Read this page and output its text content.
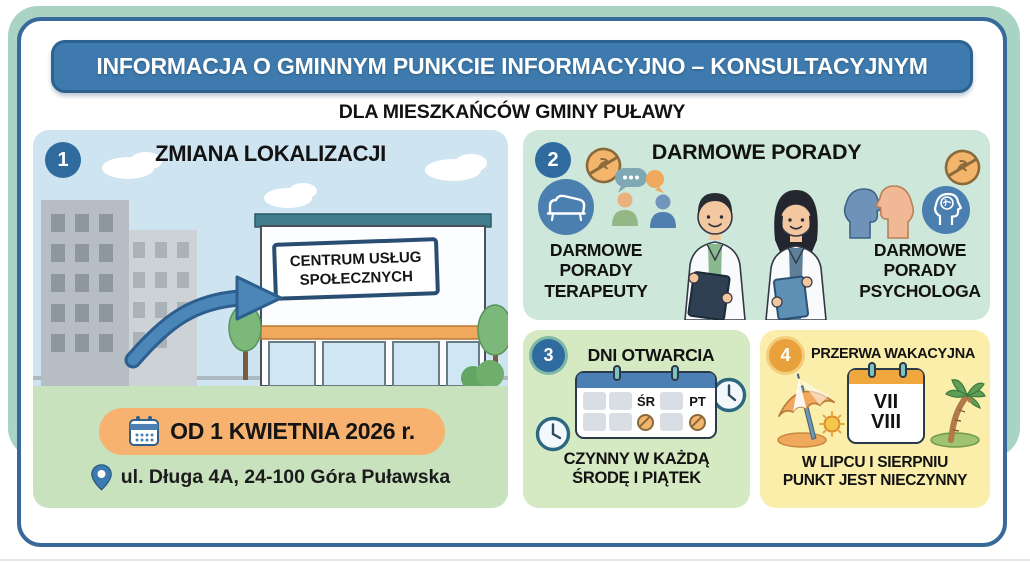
INFORMACJA O GMINNYM PUNKCIE INFORMACYJNO – KONSULTACYJNYM
DLA MIESZKAŃCÓW GMINY PUŁAWY
1	ZMIANA LOKALIZACJI
CENTRUM USŁUG
SPOŁECZNYCH
OD 1 KWIETNIA 2026 r.
ul. Długa 4A, 24-100 Góra Puławska
2	DARMOWE PORADY
DARMOWE PORADY TERAPEUTY
DARMOWE PORADY PSYCHOLOGA
3	DNI OTWARCIA
ŚR	PT
CZYNNY W KAŻDĄ ŚRODĘ I PIĄTEK
4	PRZERWA WAKACYJNA
VII
VIII
W LIPCU I SIERPNIU PUNKT JEST NIECZYNNY
